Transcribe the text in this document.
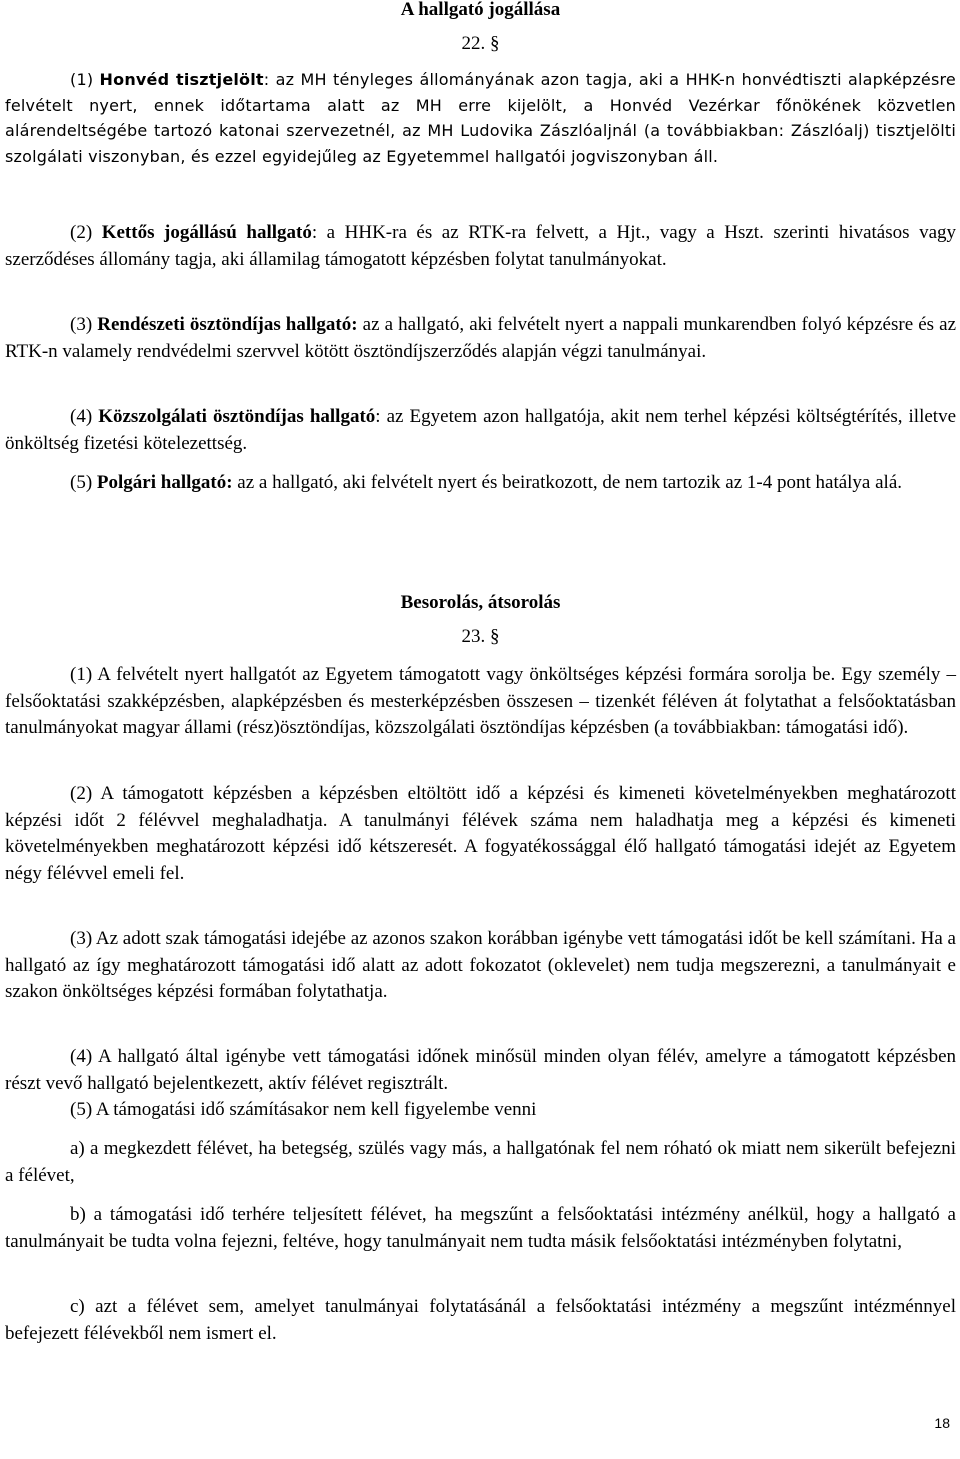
A hallgató jogállása
22. §

(1) Honvéd tisztjelölt: az MH tényleges állományának azon tagja, aki a HHK-n honvédtiszti alapképzésre felvételt nyert, ennek időtartama alatt az MH erre kijelölt, a Honvéd Vezérkar főnökének közvetlen alárendeltségébe tartozó katonai szervezetnél, az MH Ludovika Zászlóaljnál (a továbbiakban: Zászlóalj) tisztjelölti szolgálati viszonyban, és ezzel egyidejűleg az Egyetemmel hallgatói jogviszonyban áll.

(2) Kettős jogállású hallgató: a HHK-ra és az RTK-ra felvett, a Hjt., vagy a Hszt. szerinti hivatásos vagy szerződéses állomány tagja, aki államilag támogatott képzésben folytat tanulmányokat.

(3) Rendészeti ösztöndíjas hallgató: az a hallgató, aki felvételt nyert a nappali munkarendben folyó képzésre és az RTK-n valamely rendvédelmi szervvel kötött ösztöndíjszerződés alapján végzi tanulmányai.

(4) Közszolgálati ösztöndíjas hallgató: az Egyetem azon hallgatója, akit nem terhel képzési költségtérítés, illetve önköltség fizetési kötelezettség.

(5) Polgári hallgató: az a hallgató, aki felvételt nyert és beiratkozott, de nem tartozik az 1-4 pont hatálya alá.

Besorolás, átsorolás
23. §

(1) A felvételt nyert hallgatót az Egyetem támogatott vagy önköltséges képzési formára sorolja be. Egy személy – felsőoktatási szakképzésben, alapképzésben és mesterképzésben összesen – tizenkét féléven át folytathat a felsőoktatásban tanulmányokat magyar állami (rész)ösztöndíjas, közszolgálati ösztöndíjas képzésben (a továbbiakban: támogatási idő).

(2) A támogatott képzésben a képzésben eltöltött idő a képzési és kimeneti követelményekben meghatározott képzési időt 2 félévvel meghaladhatja. A tanulmányi félévek száma nem haladhatja meg a képzési és kimeneti követelményekben meghatározott képzési idő kétszeresét. A fogyatékossággal élő hallgató támogatási idejét az Egyetem négy félévvel emeli fel.

(3) Az adott szak támogatási idejébe az azonos szakon korábban igénybe vett támogatási időt be kell számítani. Ha a hallgató az így meghatározott támogatási idő alatt az adott fokozatot (oklevelet) nem tudja megszerezni, a tanulmányait e szakon önköltséges képzési formában folytathatja.

(4) A hallgató által igénybe vett támogatási időnek minősül minden olyan félév, amelyre a támogatott képzésben részt vevő hallgató bejelentkezett, aktív félévet regisztrált.

(5) A támogatási idő számításakor nem kell figyelembe venni

a) a megkezdett félévet, ha betegség, szülés vagy más, a hallgatónak fel nem róható ok miatt nem sikerült befejezni a félévet,

b) a támogatási idő terhére teljesített félévet, ha megszűnt a felsőoktatási intézmény anélkül, hogy a hallgató a tanulmányait be tudta volna fejezni, feltéve, hogy tanulmányait nem tudta másik felsőoktatási intézményben folytatni,

c) azt a félévet sem, amelyet tanulmányai folytatásánál a felsőoktatási intézmény a megszűnt intézménnyel befejezett félévekből nem ismert el.

18
